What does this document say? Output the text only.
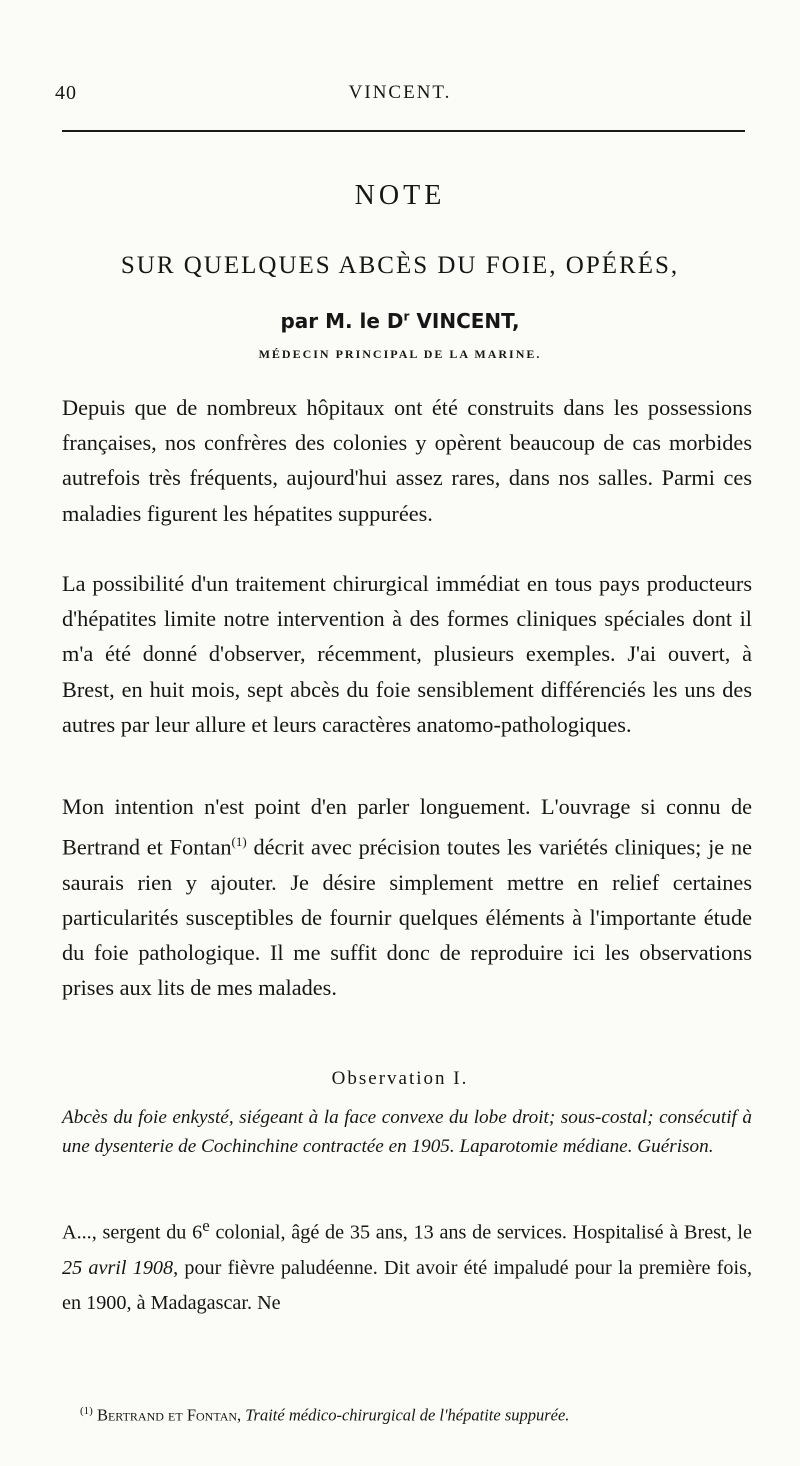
40	VINCENT.
NOTE
SUR QUELQUES ABCÈS DU FOIE, OPÉRÉS,
par M. le $D^r$ VINCENT,
MÉDECIN PRINCIPAL DE LA MARINE.

Depuis que de nombreux hôpitaux ont été construits dans les possessions françaises, nos confrères des colonies y opèrent beaucoup de cas morbides autrefois très fréquents, aujourd'hui assez rares, dans nos salles. Parmi ces maladies figurent les hépatites suppurées.

La possibilité d'un traitement chirurgical immédiat en tous pays producteurs d'hépatites limite notre intervention à des formes cliniques spéciales dont il m'a été donné d'observer, récemment, plusieurs exemples. J'ai ouvert, à Brest, en huit mois, sept abcès du foie sensiblement différenciés les uns des autres par leur allure et leurs caractères anatomo-pathologiques.

Mon intention n'est point d'en parler longuement. L'ouvrage si connu de Bertrand et Fontan$^{(1)}$ décrit avec précision toutes les variétés cliniques; je ne saurais rien y ajouter. Je désire simplement mettre en relief certaines particularités susceptibles de fournir quelques éléments à l'importante étude du foie pathologique. Il me suffit donc de reproduire ici les observations prises aux lits de mes malades.

Observation I.

Abcès du foie enkysté, siégeant à la face convexe du lobe droit; sous-costal; consécutif à une dysenterie de Cochinchine contractée en 1905. Laparotomie médiane. Guérison.

A..., sergent du 6e colonial, âgé de 35 ans, 13 ans de services. Hospitalisé à Brest, le 25 avril 1908, pour fièvre paludéenne. Dit avoir été impaludé pour la première fois, en 1900, à Madagascar. Ne

$^{(1)}$ Bertrand et Fontan, Traité médico-chirurgical de l'hépatite suppurée.
